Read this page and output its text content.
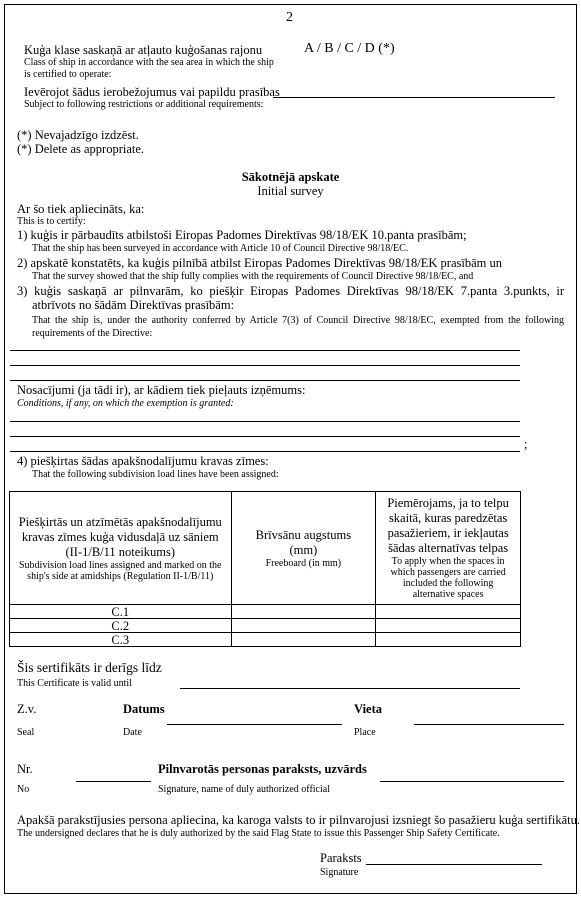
2
Kuģa klase saskaņā ar atļauto kuģošanas rajonu	A / B / C / D (*)
Class of ship in accordance with the sea area in which the ship
is certified to operate:
Ievērojot šādus ierobežojumus vai papildu prasības
Subject to following restrictions or additional requirements:
(*) Nevajadzīgo izdzēst.
(*) Delete as appropriate.
Sākotnējā apskate
Initial survey
Ar šo tiek apliecināts, ka:
This is to certify:
1) kuģis ir pārbaudīts atbilstoši Eiropas Padomes Direktīvas 98/18/EK 10.panta prasībām;
That the ship has been surveyed in accordance with Article 10 of Council Directive 98/18/EC.
2) apskatē konstatēts, ka kuģis pilnībā atbilst Eiropas Padomes Direktīvas 98/18/EK prasībām un
That the survey showed that the ship fully complies with the requirements of Council Directive 98/18/EC, and
3) kuģis saskaņā ar pilnvarām, ko piešķir Eiropas Padomes Direktīvas 98/18/EK 7.panta 3.punkts, ir
atbrīvots no šādām Direktīvas prasībām:
That the ship is, under the authority conferred by Article 7(3) of Council Directive 98/18/EC, exempted from the following requirements of the Directive:
Nosacījumi (ja tādi ir), ar kādiem tiek pieļauts izņēmums:
Conditions, if any, on which the exemption is granted:
;
4) piešķirtas šādas apakšnodalījumu kravas zīmes:
That the following subdivision load lines have been assigned:
Piešķirtās un atzīmētās apakšnodalījumu kravas zīmes kuģa vidusdaļā uz sāniem (II-1/B/11 noteikums)
Subdivision load lines assigned and marked on the ship's side at amidships (Regulation II-1/B/11)	Brīvsānu augstums (mm)
Freeboard (in mm)	Piemērojams, ja to telpu skaitā, kuras paredzētas pasažieriem, ir iekļautas šādas alternatīvas telpas
To apply when the spaces in which passengers are carried included the following alternative spaces

C.1		
C.2		
C.3		
Šis sertifikāts ir derīgs līdz
This Certificate is valid until
Z.v.	Datums	Vieta
Seal	Date	Place
Nr.	Pilnvarotās personas paraksts, uzvārds
No	Signature, name of duly authorized official
Apakšā parakstījusies persona apliecina, ka karoga valsts to ir pilnvarojusi izsniegt šo pasažieru kuģa sertifikātu.
The undersigned declares that he is duly authorized by the said Flag State to issue this Passenger Ship Safety Certificate.
Paraksts
Signature
